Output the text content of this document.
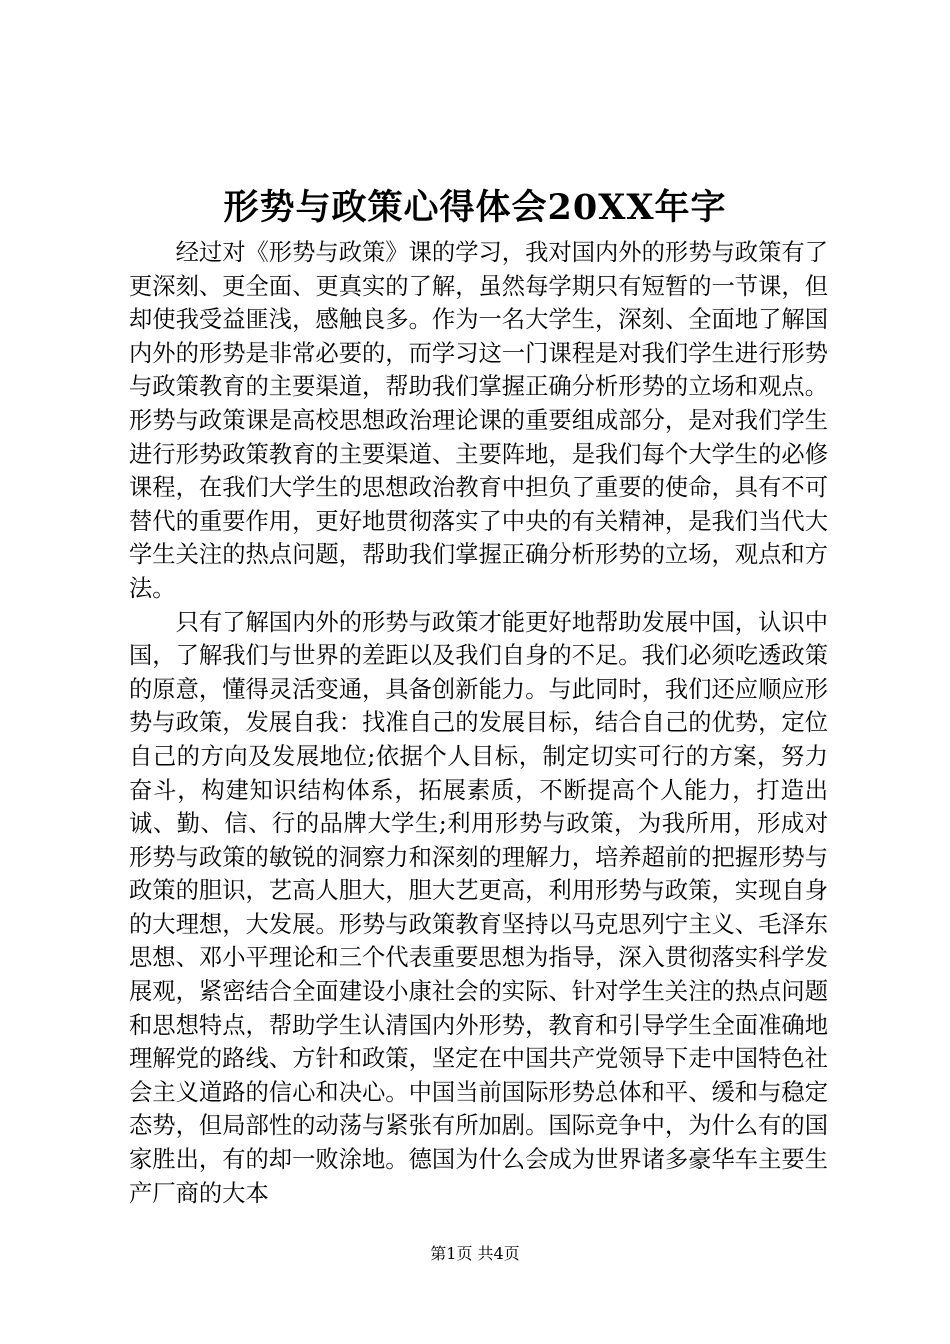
形势与政策心得体会20XX年字

经过对《形势与政策》课的学习，我对国内外的形势与政策有了更深刻、更全面、更真实的了解，虽然每学期只有短暂的一节课，但却使我受益匪浅，感触良多。作为一名大学生，深刻、全面地了解国内外的形势是非常必要的，而学习这一门课程是对我们学生进行形势与政策教育的主要渠道，帮助我们掌握正确分析形势的立场和观点。形势与政策课是高校思想政治理论课的重要组成部分，是对我们学生进行形势政策教育的主要渠道、主要阵地，是我们每个大学生的必修课程，在我们大学生的思想政治教育中担负了重要的使命，具有不可替代的重要作用，更好地贯彻落实了中央的有关精神，是我们当代大学生关注的热点问题，帮助我们掌握正确分析形势的立场，观点和方法。

只有了解国内外的形势与政策才能更好地帮助发展中国，认识中国，了解我们与世界的差距以及我们自身的不足。我们必须吃透政策的原意，懂得灵活变通，具备创新能力。与此同时，我们还应顺应形势与政策，发展自我：找准自己的发展目标，结合自己的优势，定位自己的方向及发展地位;依据个人目标，制定切实可行的方案，努力奋斗，构建知识结构体系，拓展素质，不断提高个人能力，打造出诚、勤、信、行的品牌大学生;利用形势与政策，为我所用，形成对形势与政策的敏锐的洞察力和深刻的理解力，培养超前的把握形势与政策的胆识，艺高人胆大，胆大艺更高，利用形势与政策，实现自身的大理想，大发展。形势与政策教育坚持以马克思列宁主义、毛泽东思想、邓小平理论和三个代表重要思想为指导，深入贯彻落实科学发展观，紧密结合全面建设小康社会的实际、针对学生关注的热点问题和思想特点，帮助学生认清国内外形势，教育和引导学生全面准确地理解党的路线、方针和政策，坚定在中国共产党领导下走中国特色社会主义道路的信心和决心。中国当前国际形势总体和平、缓和与稳定态势，但局部性的动荡与紧张有所加剧。国际竞争中，为什么有的国家胜出，有的却一败涂地。德国为什么会成为世界诸多豪华车主要生产厂商的大本

第1页 共4页
